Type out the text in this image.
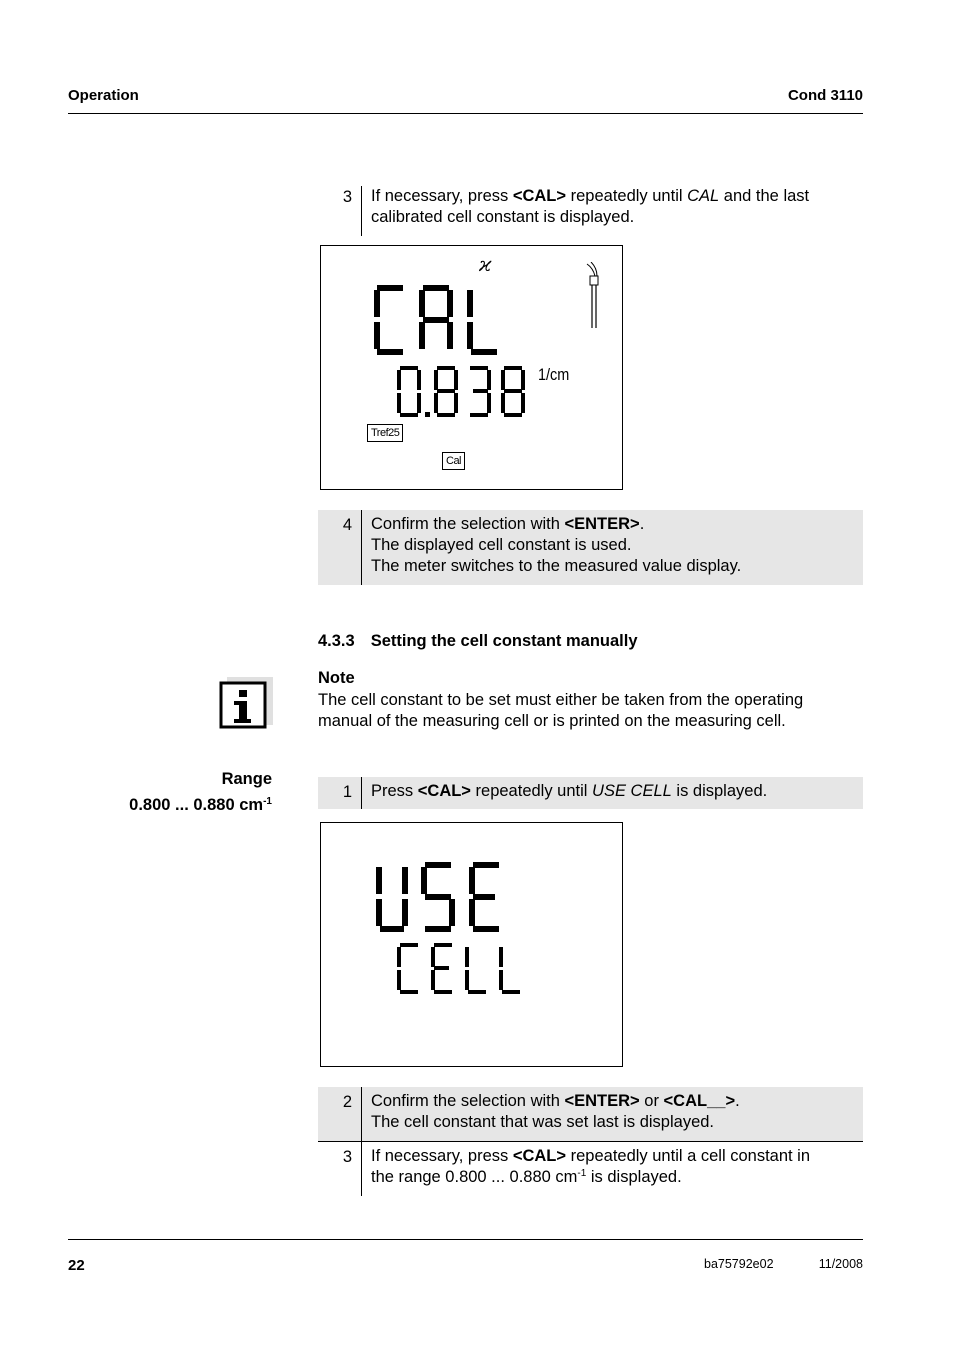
Operation	Cond 3110
3 If necessary, press <CAL> repeatedly until CAL and the last
calibrated cell constant is displayed.
ϰ
1/cm
Tref25
Cal
4 Confirm the selection with <ENTER>.
The displayed cell constant is used.
The meter switches to the measured value display.
4.3.3 Setting the cell constant manually
Note
The cell constant to be set must either be taken from the operating
manual of the measuring cell or is printed on the measuring cell.
Range
0.800 ... 0.880 $cm^{-1}$
1 Press <CAL> repeatedly until USE CELL is displayed.
2 Confirm the selection with <ENTER> or <CAL__>.
The cell constant that was set last is displayed.
3 If necessary, press <CAL> repeatedly until a cell constant in
the range 0.800 ... 0.880 $cm^{-1}$ is displayed.
22	ba75792e02	11/2008
